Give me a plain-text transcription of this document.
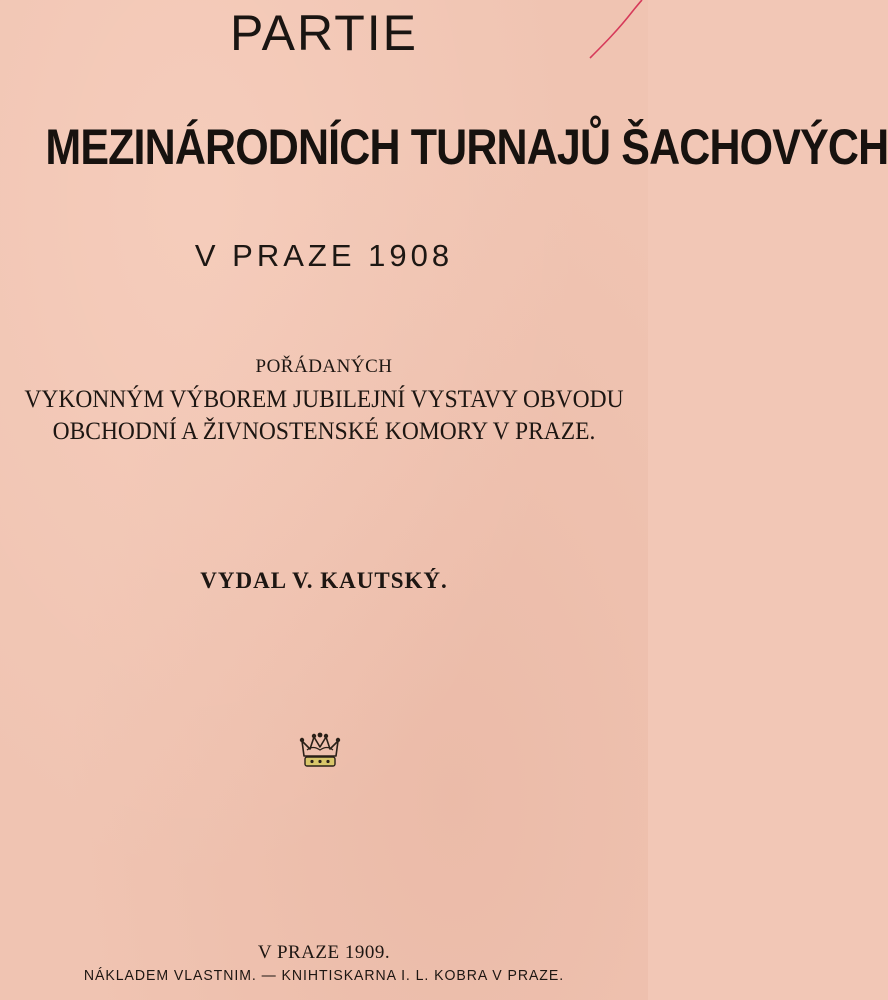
PARTIE
MEZINÁRODNÍCH TURNAJŮ ŠACHOVÝCH
V PRAZE 1908
POŘÁDANÝCH
VYKONNÝM VÝBOREM JUBILEJNÍ VYSTAVY OBVODU
OBCHODNÍ A ŽIVNOSTENSKÉ KOMORY V PRAZE.
VYDAL V. KAUTSKÝ.
V PRAZE 1909.
NÁKLADEM VLASTNIM. — KNIHTISKARNA I. L. KOBRA V PRAZE.
